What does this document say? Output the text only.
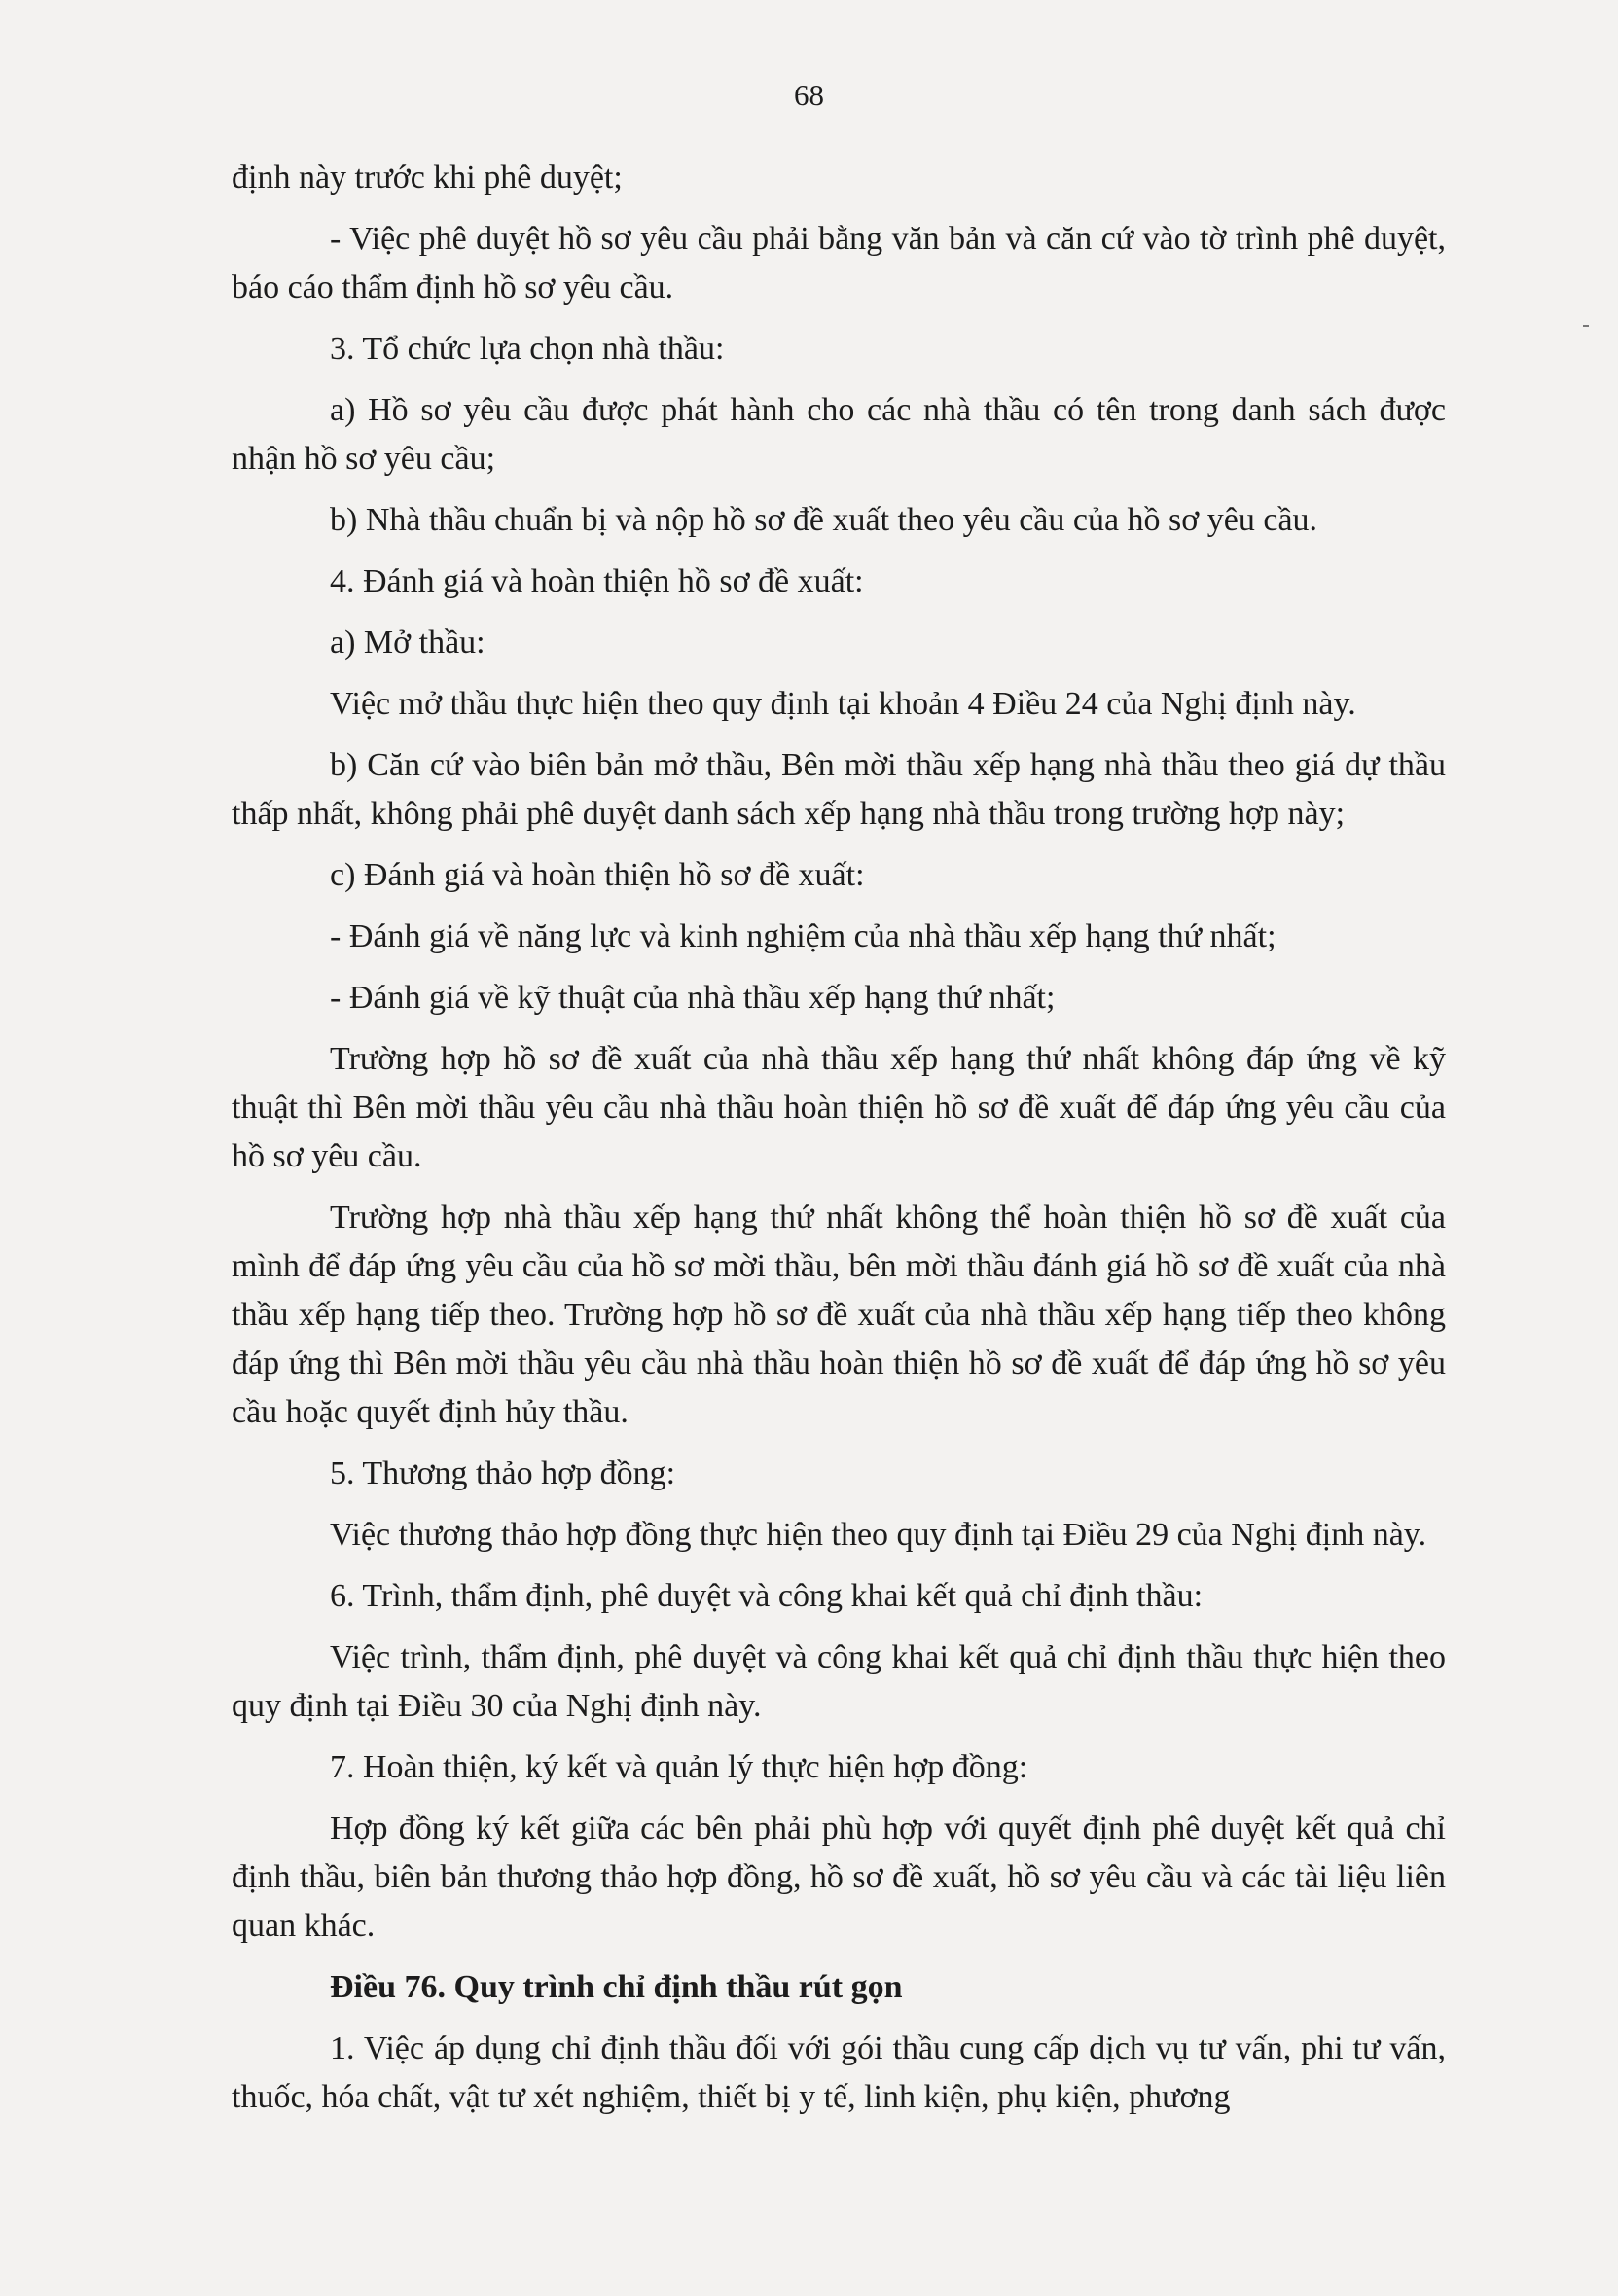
68

định này trước khi phê duyệt;

- Việc phê duyệt hồ sơ yêu cầu phải bằng văn bản và căn cứ vào tờ trình phê duyệt, báo cáo thẩm định hồ sơ yêu cầu.

3. Tổ chức lựa chọn nhà thầu:

a) Hồ sơ yêu cầu được phát hành cho các nhà thầu có tên trong danh sách được nhận hồ sơ yêu cầu;

b) Nhà thầu chuẩn bị và nộp hồ sơ đề xuất theo yêu cầu của hồ sơ yêu cầu.

4. Đánh giá và hoàn thiện hồ sơ đề xuất:

a) Mở thầu:

Việc mở thầu thực hiện theo quy định tại khoản 4 Điều 24 của Nghị định này.

b) Căn cứ vào biên bản mở thầu, Bên mời thầu xếp hạng nhà thầu theo giá dự thầu thấp nhất, không phải phê duyệt danh sách xếp hạng nhà thầu trong trường hợp này;

c) Đánh giá và hoàn thiện hồ sơ đề xuất:

- Đánh giá về năng lực và kinh nghiệm của nhà thầu xếp hạng thứ nhất;

- Đánh giá về kỹ thuật của nhà thầu xếp hạng thứ nhất;

Trường hợp hồ sơ đề xuất của nhà thầu xếp hạng thứ nhất không đáp ứng về kỹ thuật thì Bên mời thầu yêu cầu nhà thầu hoàn thiện hồ sơ đề xuất để đáp ứng yêu cầu của hồ sơ yêu cầu.

Trường hợp nhà thầu xếp hạng thứ nhất không thể hoàn thiện hồ sơ đề xuất của mình để đáp ứng yêu cầu của hồ sơ mời thầu, bên mời thầu đánh giá hồ sơ đề xuất của nhà thầu xếp hạng tiếp theo. Trường hợp hồ sơ đề xuất của nhà thầu xếp hạng tiếp theo không đáp ứng thì Bên mời thầu yêu cầu nhà thầu hoàn thiện hồ sơ đề xuất để đáp ứng hồ sơ yêu cầu hoặc quyết định hủy thầu.

5. Thương thảo hợp đồng:

Việc thương thảo hợp đồng thực hiện theo quy định tại Điều 29 của Nghị định này.

6. Trình, thẩm định, phê duyệt và công khai kết quả chỉ định thầu:

Việc trình, thẩm định, phê duyệt và công khai kết quả chỉ định thầu thực hiện theo quy định tại Điều 30 của Nghị định này.

7. Hoàn thiện, ký kết và quản lý thực hiện hợp đồng:

Hợp đồng ký kết giữa các bên phải phù hợp với quyết định phê duyệt kết quả chỉ định thầu, biên bản thương thảo hợp đồng, hồ sơ đề xuất, hồ sơ yêu cầu và các tài liệu liên quan khác.

Điều 76. Quy trình chỉ định thầu rút gọn

1. Việc áp dụng chỉ định thầu đối với gói thầu cung cấp dịch vụ tư vấn, phi tư vấn, thuốc, hóa chất, vật tư xét nghiệm, thiết bị y tế, linh kiện, phụ kiện, phương
